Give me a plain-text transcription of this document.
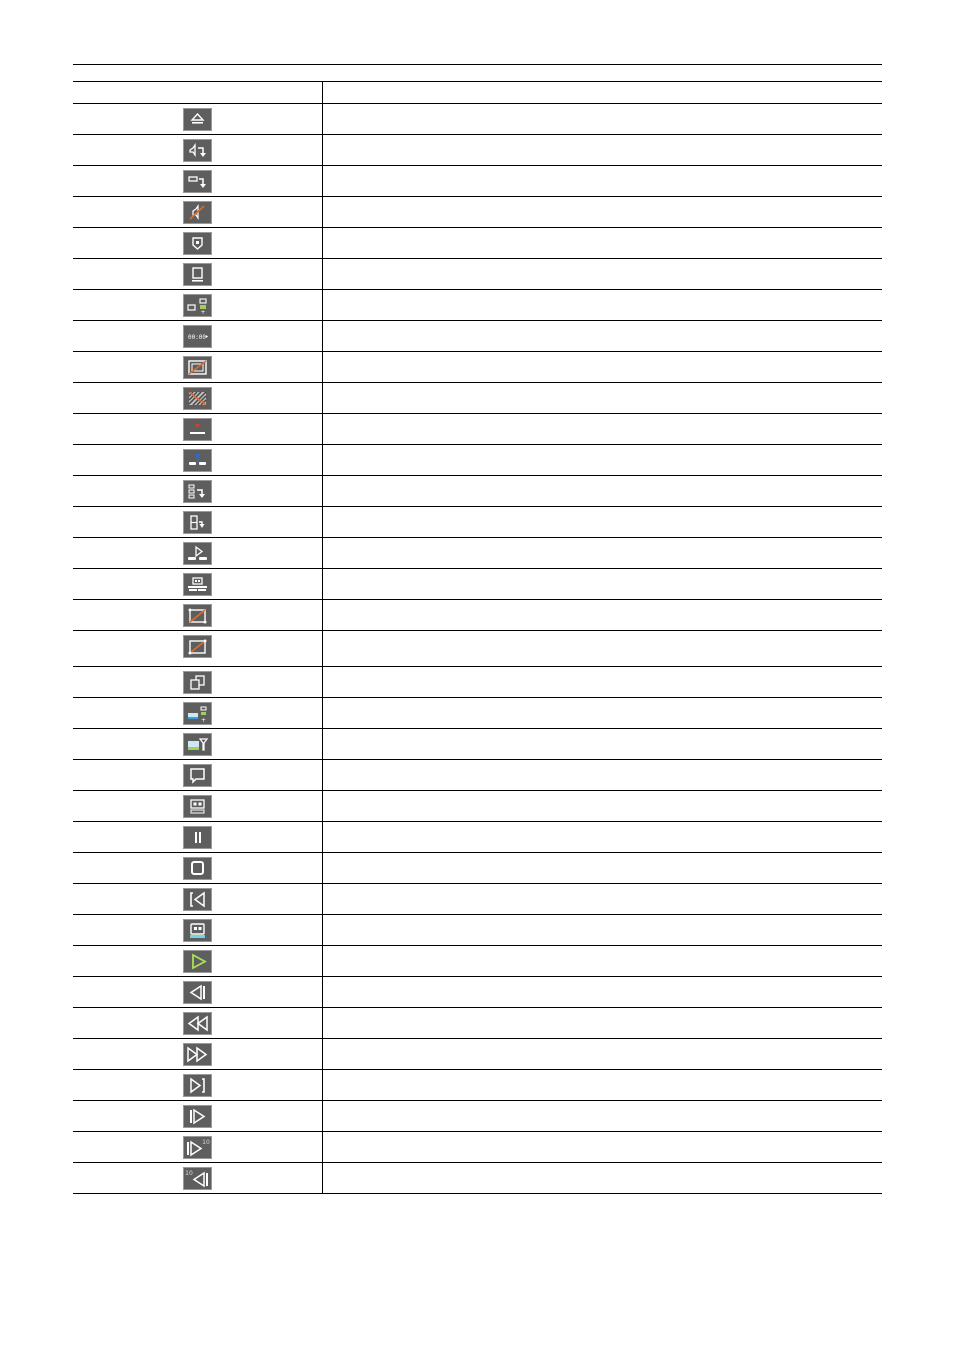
+
00:00
+
10
10
